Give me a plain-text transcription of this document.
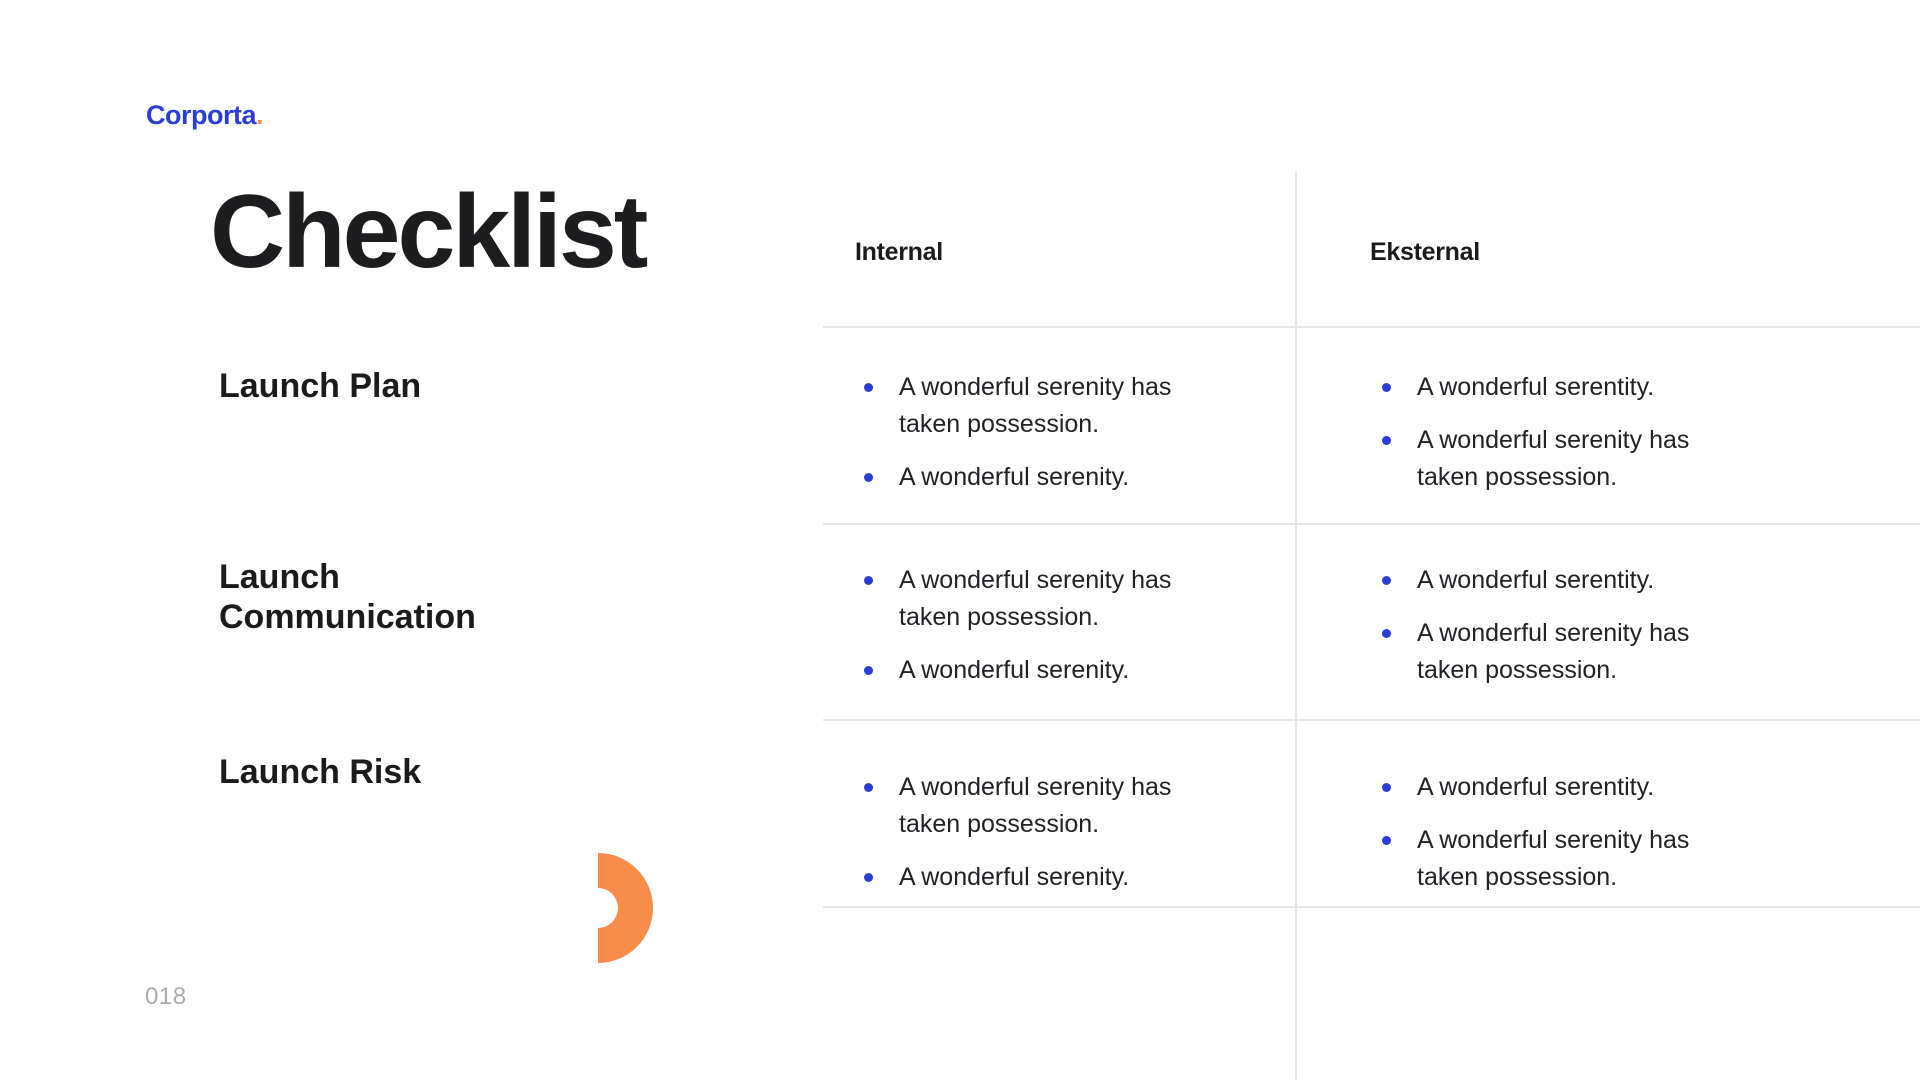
Corporta.
Checklist	Internal	Eksternal
Launch Plan
Launch Communication
Launch Risk
A wonderful serenity has taken possession.
A wonderful serenity.
A wonderful serentity.
A wonderful serenity has taken possession.
A wonderful serenity has taken possession.
A wonderful serenity.
A wonderful serentity.
A wonderful serenity has taken possession.
A wonderful serenity has taken possession.
A wonderful serenity.
A wonderful serentity.
A wonderful serenity has taken possession.
018
